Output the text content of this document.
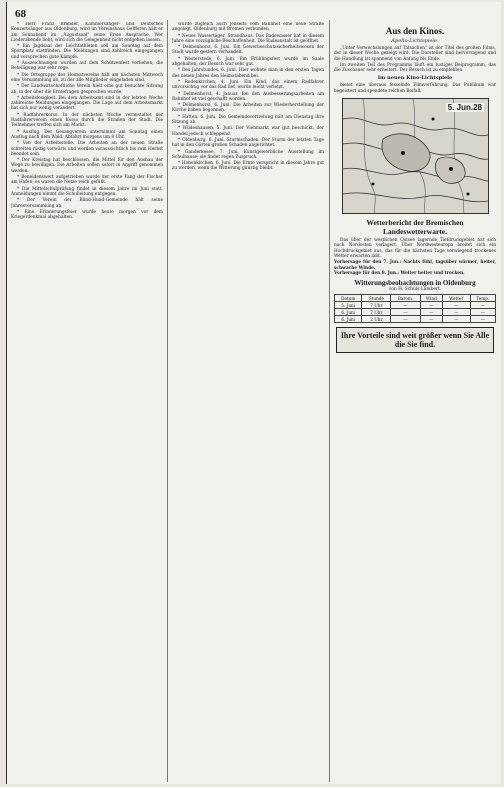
68

* Herr Franz Brander, Kammersänger- und Deutsches Konzertsänger aus Oldenburg, wird im Vereinshaus Gelfferen hält er am Sonnabend im ,,Augustsaal" seine Erste Ansprache. Wer Liederabende liebt, wird sich die Gelegenheit nicht entgehen lassen.

* Ein Jagdsaal der Leichtathleten soll am Sonntag auf dem Sportplatz stattfinden. Die Meldungen sind zahlreich eingegangen und versprechen gute Kämpfe.

* Auszeichnungen wurden auf dem Schützenfest verliehen; die Beteiligung war sehr rege.

* Die Ortsgruppe des Heimatvereins hält am nächsten Mittwoch eine Versammlung ab, zu der alle Mitglieder eingeladen sind.

* Der Landwirtschaftliche Verein hielt eine gut besuchte Sitzung ab, in der über die Erntefragen gesprochen wurde.

* Arbeitslosigkeit. Bei dem Arbeitsamt sind in der letzten Woche zahlreiche Meldungen eingegangen. Die Lage auf dem Arbeitsmarkt hat sich nur wenig verändert.

* Radfahrerkorso. In der nächsten Woche veranstaltet der Radfahrerverein einen Korso durch die Straßen der Stadt. Die Teilnehmer treffen sich am Markt.

* Ausflug. Der Gesangverein unternimmt am Sonntag einen Ausflug nach dem Wald. Abfahrt morgens um 8 Uhr.

* Von der Arbeitsstelle. Die Arbeiten an der neuen Straße schreiten rüstig vorwärts und werden voraussichtlich bis zum Herbst beendet sein.

* Der Kreistag hat beschlossen, die Mittel für den Ausbau der Wege zu bewilligen. Die Arbeiten sollen sofort in Angriff genommen werden.

* Beneidenswert aufgetrieben wurde der erste Fang der Fischer am Hafen; es waren die Netze reich gefüllt.

* Die Mittelschulprüfung findet in diesem Jahre im Juni statt. Anmeldungen nimmt die Schulleitung entgegen.

* Der Verein der Blind-Hund-Gemeinde hält seine Jahresversammlung ab.

* Eine Erinnerungsfeier wurde heute morgen vor dem Kriegerdenkmal abgehalten.

wurde zugleich auch jenseits vom Bahnhof eine neue Straße angelegt, Oldenburg mit Bremen verbunden.

* Neues Wassertäger. Strandhaus. Das Badewasser hat in diesem Jahre eine vorzügliche Beschaffenheit. Die Badeanstalt ist geöffnet.

* Delmenhorst, 6. Juni. Ein Gewerbeschutzsicherheitswesen der Stadt wurde gestern verhandelt.

* Westerstede, 6. Juni. Ein Frühlingsfest wurde im Saale abgehalten; der Besuch war sehr gut.

* Des Jahrstundes. 6. Juni. Hier wohnte man in den ersten Tagen des neuen Jahres den Heimatabend bei.

* Rodenkirchen, 4. Juni. Ein Kind, das einem Radfahrer unvorsichtig vor das Rad lief, wurde leicht verletzt.

* Delmenhorst, 4. Januar. Bei den Ausbesserungsarbeiten am Bahnhof ist viel geschafft worden.

* Delmenhorst, 6. Juni. Die Arbeiten zur Wiederherstellung der Kirche haben begonnen.

* Hatten, 6. Juni. Die Gemeindevertretung hält am Dienstag ihre Sitzung ab.

* Wildeshausen, 5. Juni. Der Viehmarkt war gut beschickt, der Handel jedoch schleppend.

* Oldenburg, 6. Juni. Sturmschaden. Der Sturm der letzten Tage hat in den Gärten großen Schaden angerichtet.

* Ganderkesee, 7. Juni. Kunstgewerbliche Ausstellung im Schulhause; sie findet regen Zuspruch.

* Hohenkirchen, 6. Juni. Die Ernte verspricht in diesem Jahre gut zu werden, wenn die Witterung günstig bleibt.

Aus den Kinos.
Apollo-Lichtspiele.

„Unter Verwechslungen auf Tatsachen" ist der Titel des großen Films, der in dieser Woche gezeigt wird. Die Darsteller sind hervorragend und die Handlung ist spannend von Anfang bis Ende.

Im zweiten Teil des Programms läuft ein lustiges Beiprogramm, das die Zuschauer sehr erheitert. Der Besuch ist zu empfehlen.

Im neuen Kino-Lichtspiele

bietet eine überaus fesselnde Filmvorführung. Das Publikum war begeistert und spendete reichen Beifall.

5. Jun.28
Wetterbericht der Bremischen Landeswetterwarte.

Das über der westlichen Ostsee lagernde Tiefdruckgebiet hat sich nach Nordosten verlagert. Über Nordwesteuropa breitet sich ein Hochdruckgebiet aus, das für die nächsten Tage vorwiegend trockenes Wetter erwarten läßt.

Vorhersage für den 7. Jun.: Nachts fühl, tagsüber wärmer, heiter, schwache Winde.
Vorhersage für den 8. Jun.: Weiter heiter und trocken.
Witterungsbeobachtungen in Oldenburg
von H. Schuls Lambert.
Datum	Stunde	Barom.	Wind	Wetter	Temp.
5. Juni	7 Uhr	—	—	—	—
6. Juni	7 Uhr	—	—	—	—
6. Juni	2 Uhr	—	—	—	—
Ihre Vorteile sind weit größer wenn Sie Alle die Sie find.
